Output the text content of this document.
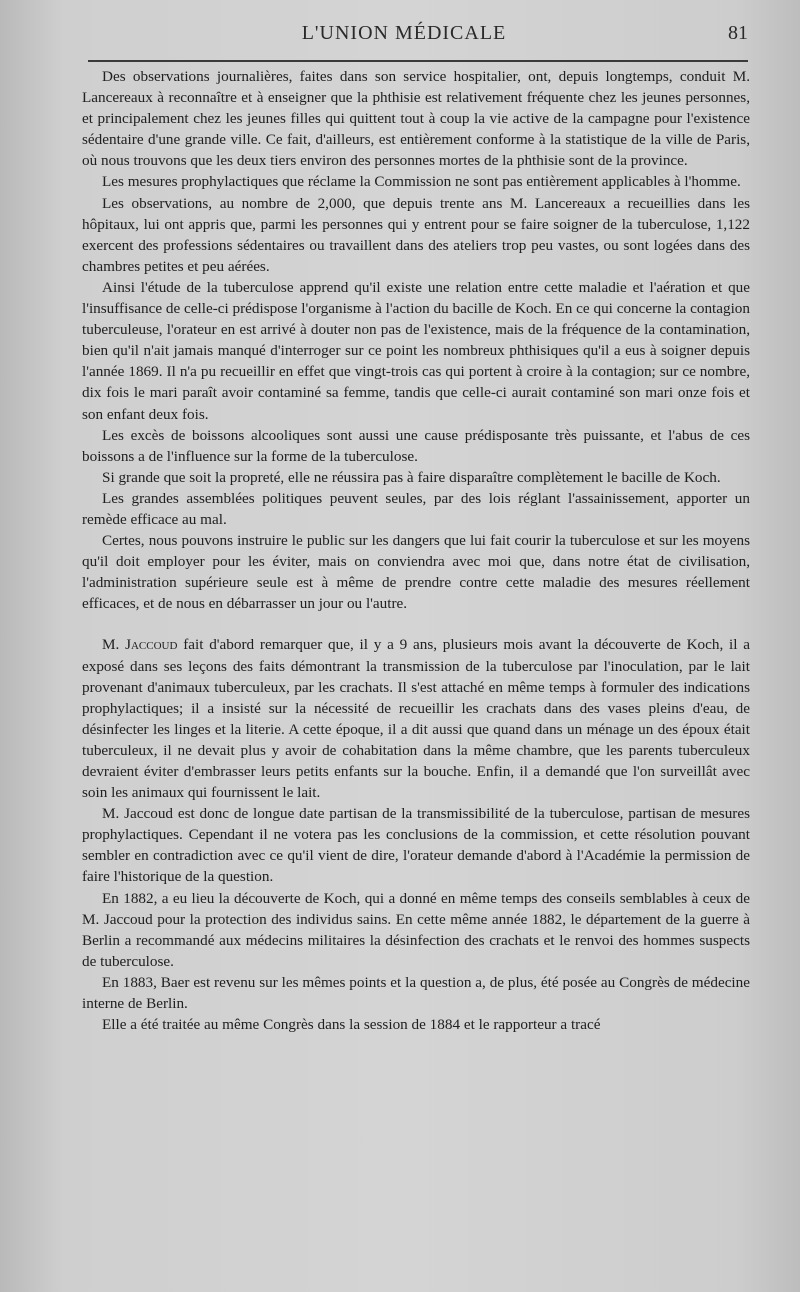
L'UNION MÉDICALE	81

Des observations journalières, faites dans son service hospitalier, ont, depuis longtemps, conduit M. Lancereaux à reconnaître et à enseigner que la phthisie est relativement fréquente chez les jeunes personnes, et principalement chez les jeunes filles qui quittent tout à coup la vie active de la campagne pour l'existence sédentaire d'une grande ville. Ce fait, d'ailleurs, est entièrement conforme à la statistique de la ville de Paris, où nous trouvons que les deux tiers environ des personnes mortes de la phthisie sont de la province.

Les mesures prophylactiques que réclame la Commission ne sont pas entièrement applicables à l'homme.

Les observations, au nombre de 2,000, que depuis trente ans M. Lancereaux a recueillies dans les hôpitaux, lui ont appris que, parmi les personnes qui y entrent pour se faire soigner de la tuberculose, 1,122 exercent des professions sédentaires ou travaillent dans des ateliers trop peu vastes, ou sont logées dans des chambres petites et peu aérées.

Ainsi l'étude de la tuberculose apprend qu'il existe une relation entre cette maladie et l'aération et que l'insuffisance de celle-ci prédispose l'organisme à l'action du bacille de Koch. En ce qui concerne la contagion tuberculeuse, l'orateur en est arrivé à douter non pas de l'existence, mais de la fréquence de la contamination, bien qu'il n'ait jamais manqué d'interroger sur ce point les nombreux phthisiques qu'il a eus à soigner depuis l'année 1869. Il n'a pu recueillir en effet que vingt-trois cas qui portent à croire à la contagion; sur ce nombre, dix fois le mari paraît avoir contaminé sa femme, tandis que celle-ci aurait contaminé son mari onze fois et son enfant deux fois.

Les excès de boissons alcooliques sont aussi une cause prédisposante très puissante, et l'abus de ces boissons a de l'influence sur la forme de la tuberculose.

Si grande que soit la propreté, elle ne réussira pas à faire disparaître complètement le bacille de Koch.

Les grandes assemblées politiques peuvent seules, par des lois réglant l'assainissement, apporter un remède efficace au mal.

Certes, nous pouvons instruire le public sur les dangers que lui fait courir la tuberculose et sur les moyens qu'il doit employer pour les éviter, mais on conviendra avec moi que, dans notre état de civilisation, l'administration supérieure seule est à même de prendre contre cette maladie des mesures réellement efficaces, et de nous en débarrasser un jour ou l'autre.

M. Jaccoud fait d'abord remarquer que, il y a 9 ans, plusieurs mois avant la découverte de Koch, il a exposé dans ses leçons des faits démontrant la transmission de la tuberculose par l'inoculation, par le lait provenant d'animaux tuberculeux, par les crachats. Il s'est attaché en même temps à formuler des indications prophylactiques; il a insisté sur la nécessité de recueillir les crachats dans des vases pleins d'eau, de désinfecter les linges et la literie. A cette époque, il a dit aussi que quand dans un ménage un des époux était tuberculeux, il ne devait plus y avoir de cohabitation dans la même chambre, que les parents tuberculeux devraient éviter d'embrasser leurs petits enfants sur la bouche. Enfin, il a demandé que l'on surveillât avec soin les animaux qui fournissent le lait.

M. Jaccoud est donc de longue date partisan de la transmissibilité de la tuberculose, partisan de mesures prophylactiques. Cependant il ne votera pas les conclusions de la commission, et cette résolution pouvant sembler en contradiction avec ce qu'il vient de dire, l'orateur demande d'abord à l'Académie la permission de faire l'historique de la question.

En 1882, a eu lieu la découverte de Koch, qui a donné en même temps des conseils semblables à ceux de M. Jaccoud pour la protection des individus sains. En cette même année 1882, le département de la guerre à Berlin a recommandé aux médecins militaires la désinfection des crachats et le renvoi des hommes suspects de tuberculose.

En 1883, Baer est revenu sur les mêmes points et la question a, de plus, été posée au Congrès de médecine interne de Berlin.

Elle a été traitée au même Congrès dans la session de 1884 et le rapporteur a tracé
